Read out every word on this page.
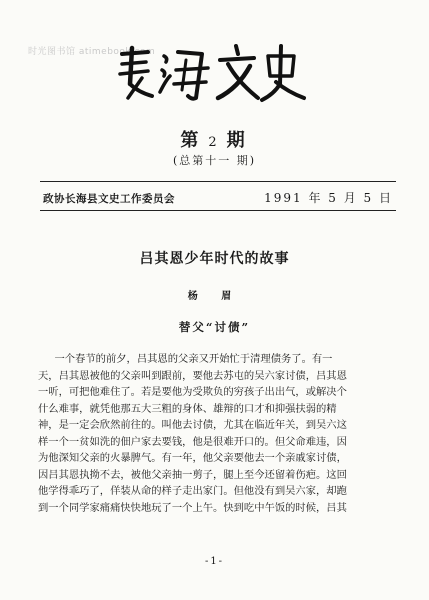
时光图书馆 atimebook.com
第 2 期
(总第十一 期)
政协长海县文史工作委员会	1991 年 5 月 5 日
吕其恩少年时代的故事
杨 眉
替父“讨债”
一个春节的前夕，吕其恩的父亲又开始忙于清理债务了。有一
天，吕其恩被他的父亲叫到跟前，要他去苏屯的吴六家讨债，吕其恩
一听，可把他难住了。若是要他为受欺负的穷孩子出出气，或解决个
什么难事，就凭他那五大三粗的身体、雄辩的口才和抑强扶弱的精
神，是一定会欣然前往的。叫他去讨债，尤其在临近年关，到吴六这
样一个一贫如洗的佃户家去要钱，他是很难开口的。但父命难违，因
为他深知父亲的火暴脾气。有一年，他父亲要他去一个亲戚家讨债，
因吕其恩执拗不去，被他父亲抽一剪子，腿上至今还留着伤疤。这回
他学得乖巧了，佯装从命的样子走出家门。但他没有到吴六家，却跑
到一个同学家痛痛快快地玩了一个上午。快到吃中午饭的时候，吕其
-1-
